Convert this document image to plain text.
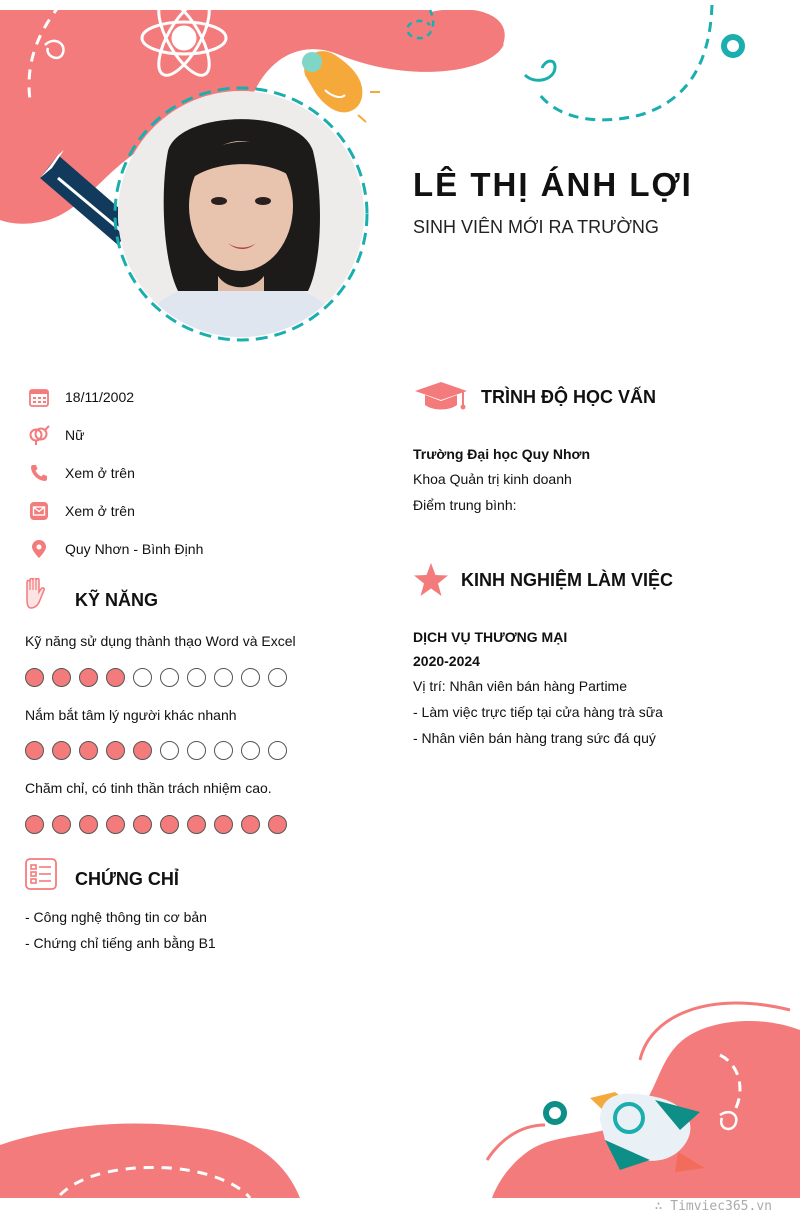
LÊ THỊ ÁNH LỢI
SINH VIÊN MỚI RA TRƯỜNG
18/11/2002
Nữ
Xem ở trên
Xem ở trên
Quy Nhơn - Bình Định
KỸ NĂNG
Kỹ năng sử dụng thành thạo Word và Excel
Nắm bắt tâm lý người khác nhanh
Chăm chỉ, có tinh thần trách nhiệm cao.
CHỨNG CHỈ
- Công nghệ thông tin cơ bản
- Chứng chỉ tiếng anh bằng B1
TRÌNH ĐỘ HỌC VẤN
Trường Đại học Quy Nhơn
Khoa Quản trị kinh doanh
Điểm trung bình:
KINH NGHIỆM LÀM VIỆC
DỊCH VỤ THƯƠNG MẠI
2020-2024
Vị trí: Nhân viên bán hàng Partime
- Làm việc trực tiếp tại cửa hàng trà sữa
- Nhân viên bán hàng trang sức đá quý
∴ Timviec365.vn
